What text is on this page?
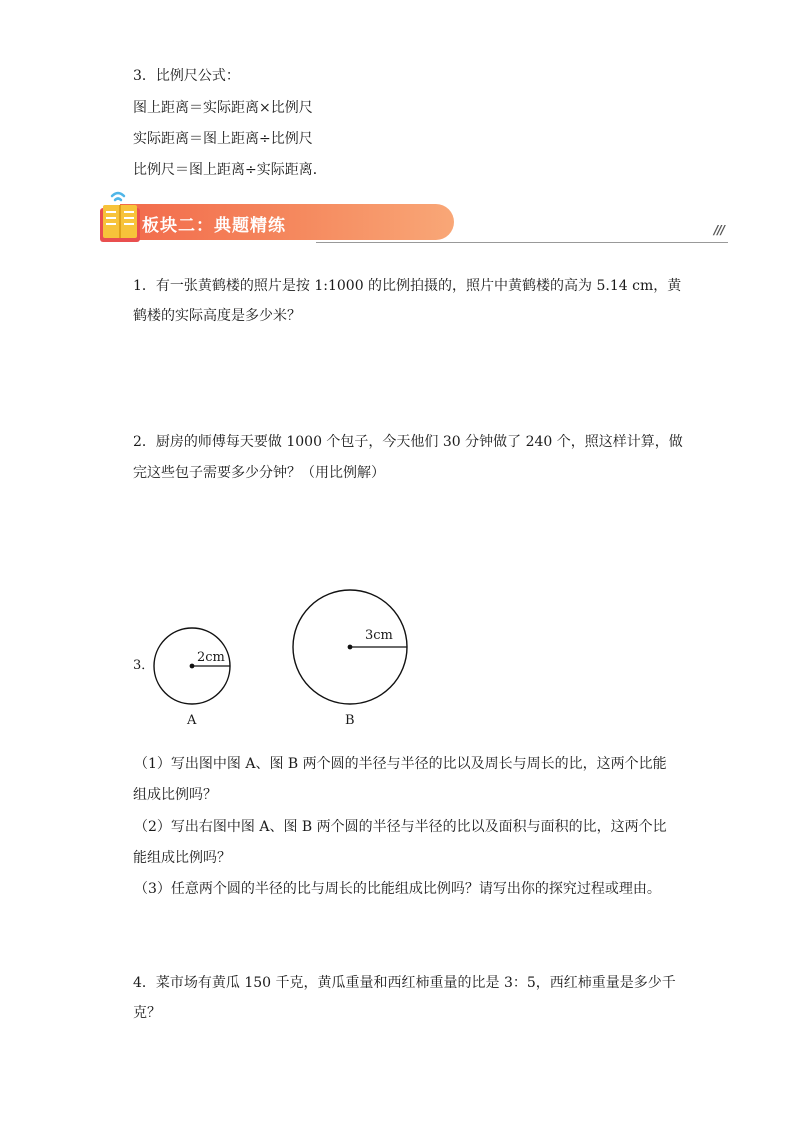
3．比例尺公式：
图上距离＝实际距离×比例尺
实际距离＝图上距离÷比例尺
比例尺＝图上距离÷实际距离．
板块二：典题精练	///
1．有一张黄鹤楼的照片是按 1:1000 的比例拍摄的，照片中黄鹤楼的高为 5.14 cm，黄
鹤楼的实际高度是多少米？
2．厨房的师傅每天要做 1000 个包子，今天他们 30 分钟做了 240 个，照这样计算，做
完这些包子需要多少分钟？（用比例解）
3．
2cm
3cm
A	B
（1）写出图中图 A、图 B 两个圆的半径与半径的比以及周长与周长的比，这两个比能
组成比例吗？
（2）写出右图中图 A、图 B 两个圆的半径与半径的比以及面积与面积的比，这两个比
能组成比例吗？
（3）任意两个圆的半径的比与周长的比能组成比例吗？请写出你的探究过程或理由。
4．菜市场有黄瓜 150 千克，黄瓜重量和西红柿重量的比是 3：5，西红柿重量是多少千
克？
